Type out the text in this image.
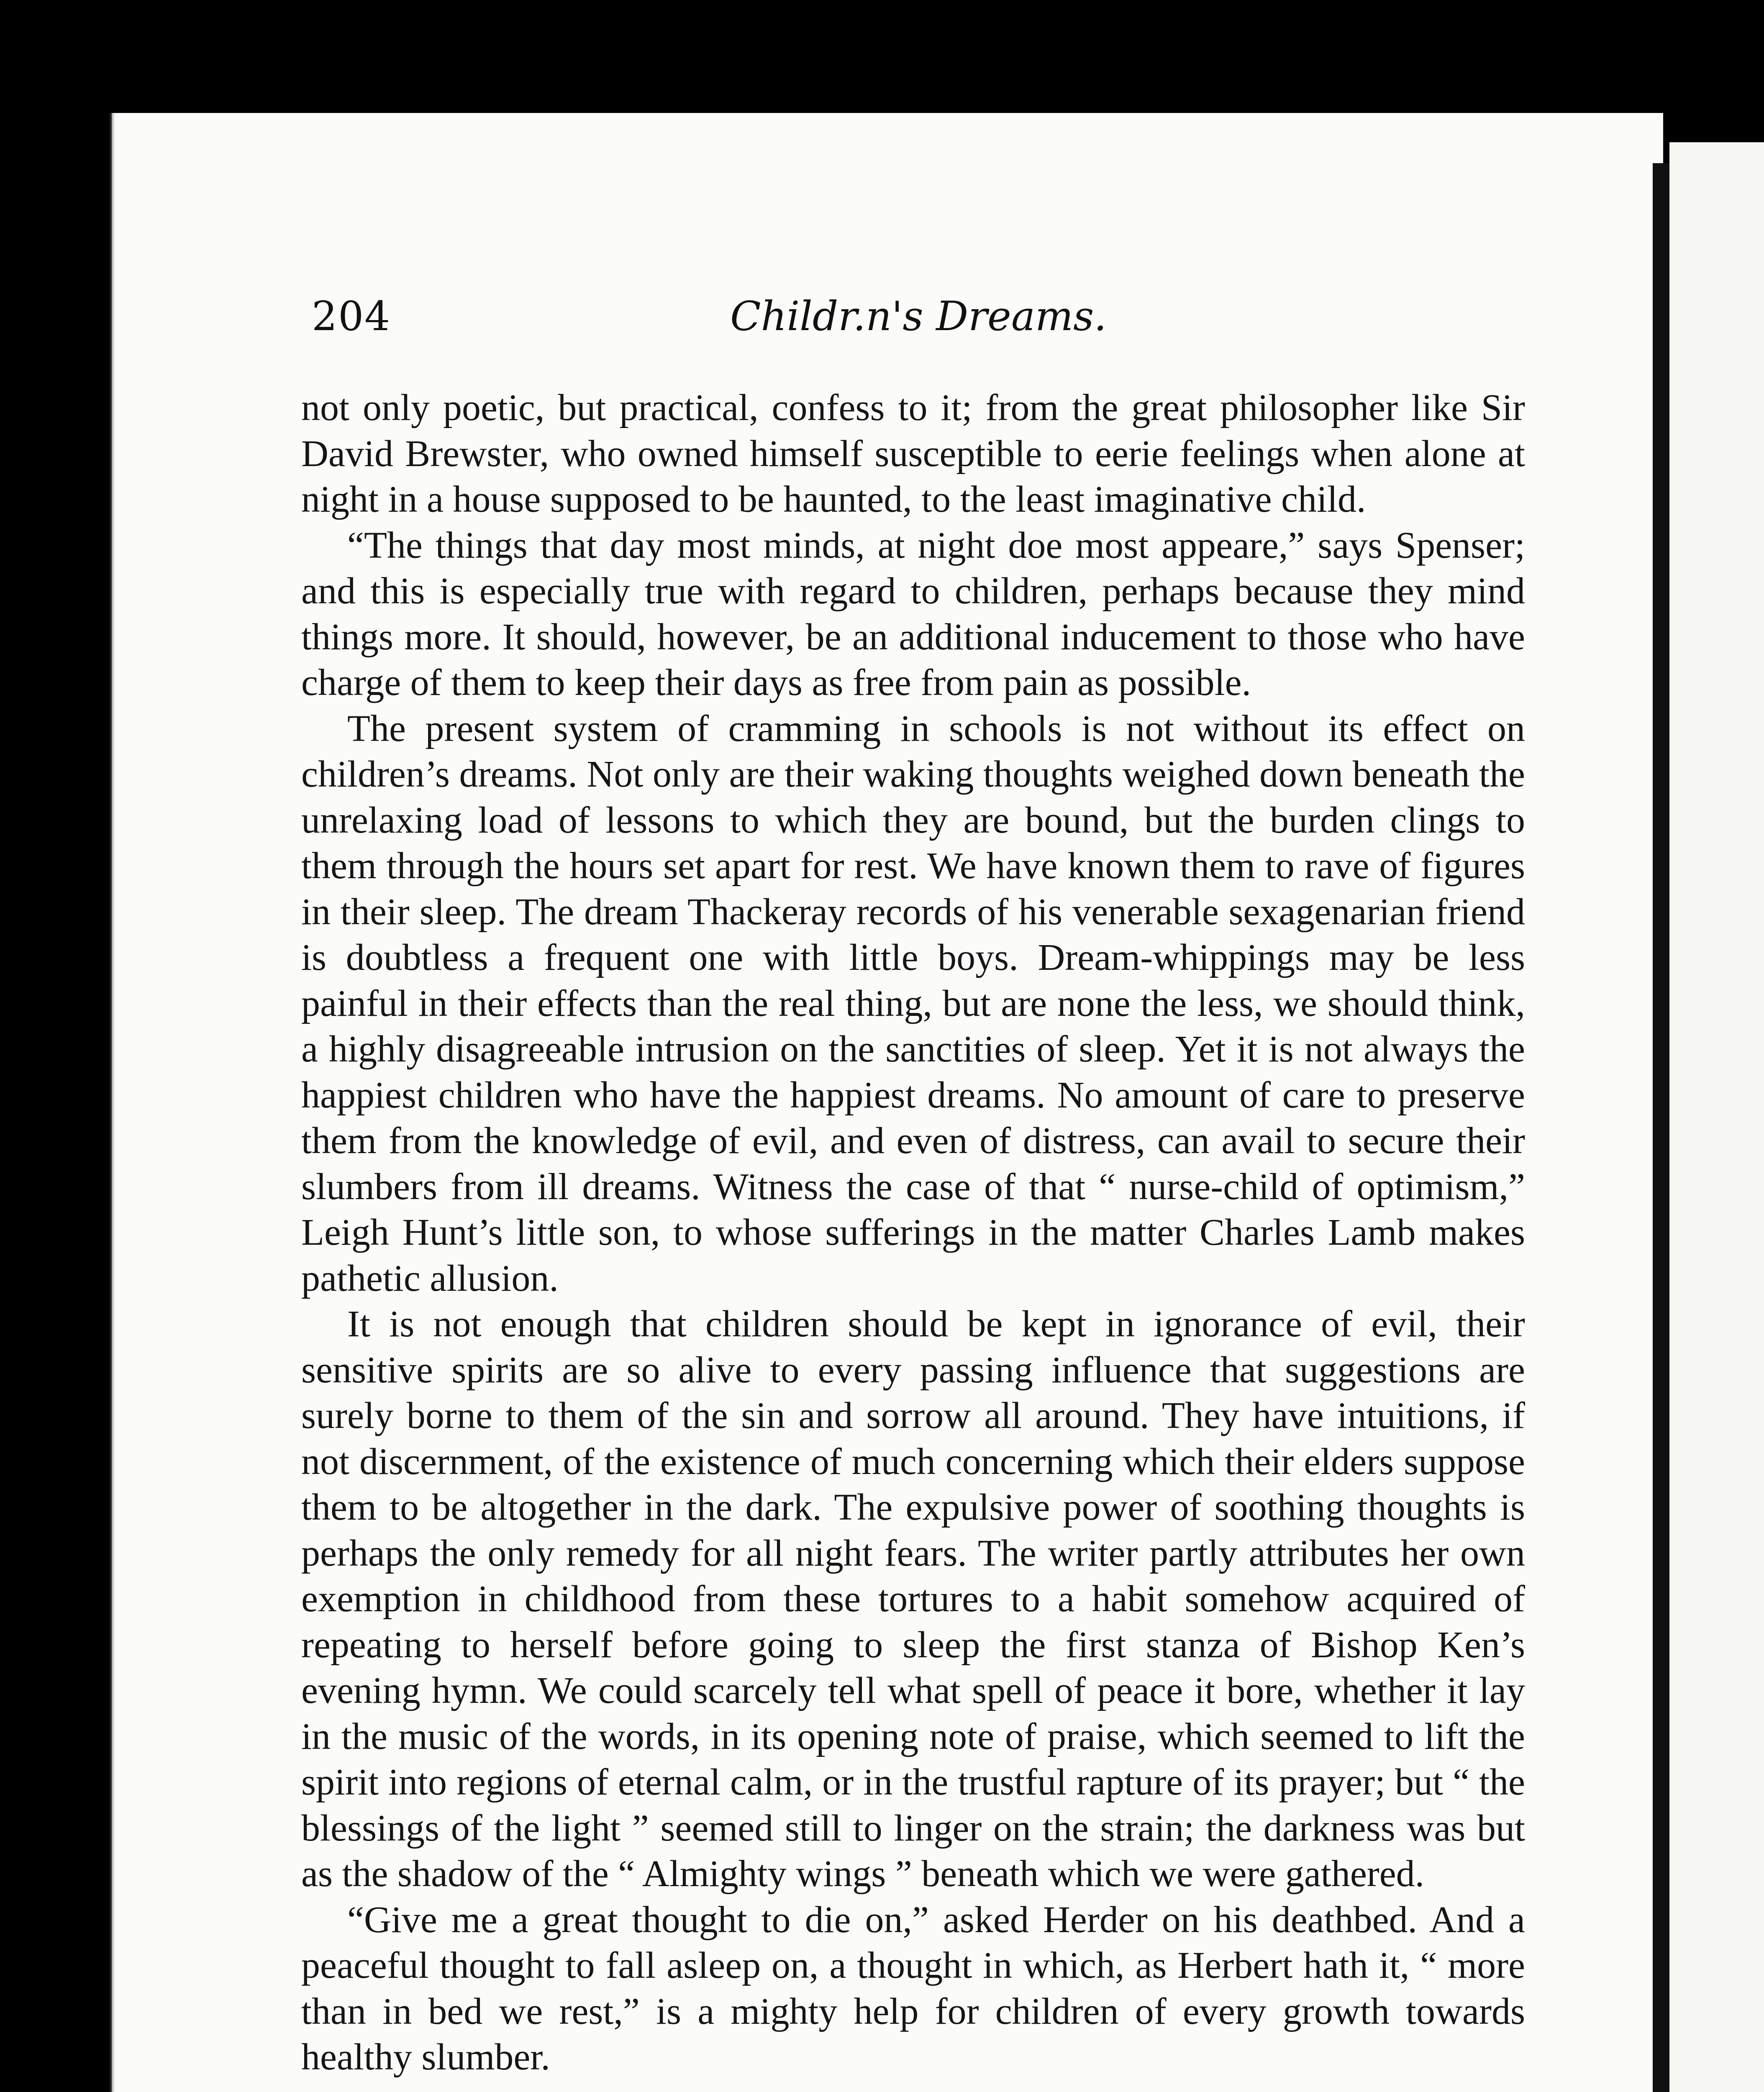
204	Childr.n's Dreams.

not only poetic, but practical, confess to it; from the great philosopher like Sir David Brewster, who owned himself susceptible to eerie feelings when alone at night in a house supposed to be haunted, to the least imaginative child.

“The things that day most minds, at night doe most appeare,” says Spenser; and this is especially true with regard to children, perhaps because they mind things more. It should, however, be an additional inducement to those who have charge of them to keep their days as free from pain as possible.

The present system of cramming in schools is not without its effect on children’s dreams. Not only are their waking thoughts weighed down beneath the unrelaxing load of lessons to which they are bound, but the burden clings to them through the hours set apart for rest. We have known them to rave of figures in their sleep. The dream Thackeray records of his venerable sexagenarian friend is doubtless a frequent one with little boys. Dream-whippings may be less painful in their effects than the real thing, but are none the less, we should think, a highly disagreeable intrusion on the sanctities of sleep. Yet it is not always the happiest children who have the happiest dreams. No amount of care to preserve them from the knowledge of evil, and even of distress, can avail to secure their slumbers from ill dreams. Witness the case of that “ nurse-child of optimism,” Leigh Hunt’s little son, to whose sufferings in the matter Charles Lamb makes pathetic allusion.

It is not enough that children should be kept in ignorance of evil, their sensitive spirits are so alive to every passing influence that suggestions are surely borne to them of the sin and sorrow all around. They have intuitions, if not discernment, of the existence of much concerning which their elders suppose them to be altogether in the dark. The expulsive power of soothing thoughts is perhaps the only remedy for all night fears. The writer partly attributes her own exemption in childhood from these tortures to a habit somehow acquired of repeating to herself before going to sleep the first stanza of Bishop Ken’s evening hymn. We could scarcely tell what spell of peace it bore, whether it lay in the music of the words, in its opening note of praise, which seemed to lift the spirit into regions of eternal calm, or in the trustful rapture of its prayer; but “ the blessings of the light ” seemed still to linger on the strain; the darkness was but as the shadow of the “ Almighty wings ” beneath which we were gathered.

“Give me a great thought to die on,” asked Herder on his deathbed. And a peaceful thought to fall asleep on, a thought in which, as Herbert hath it, “ more than in bed we rest,” is a mighty help for children of every growth towards healthy slumber.
